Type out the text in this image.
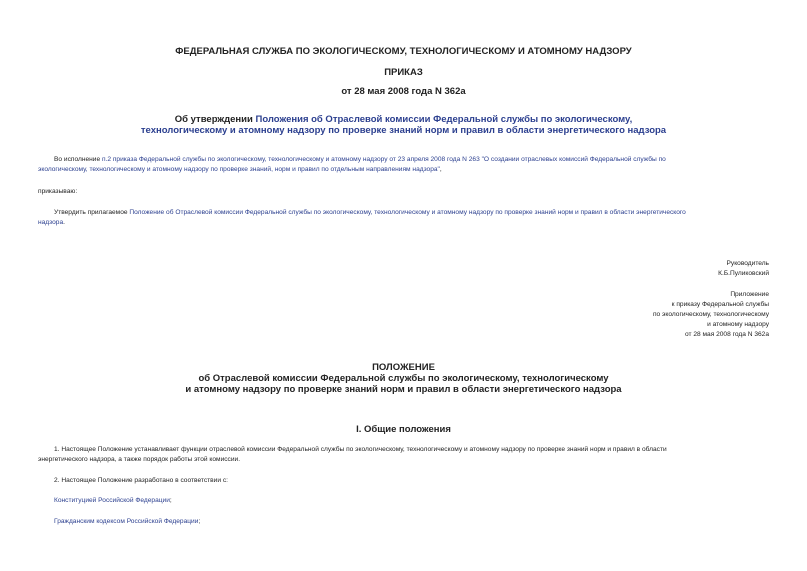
ФЕДЕРАЛЬНАЯ СЛУЖБА ПО ЭКОЛОГИЧЕСКОМУ, ТЕХНОЛОГИЧЕСКОМУ И АТОМНОМУ НАДЗОРУ
ПРИКАЗ
от 28 мая 2008 года N 362а
Об утверждении Положения об Отраслевой комиссии Федеральной службы по экологическому,
технологическому и атомному надзору по проверке знаний норм и правил в области энергетического надзора
Во исполнение п.2 приказа Федеральной службы по экологическому, технологическому и атомному надзору от 23 апреля 2008 года N 263 "О создании отраслевых комиссий Федеральной службы по
экологическому, технологическому и атомному надзору по проверке знаний, норм и правил по отдельным направлениям надзора",
приказываю:
Утвердить прилагаемое Положение об Отраслевой комиссии Федеральной службы по экологическому, технологическому и атомному надзору по проверке знаний норм и правил в области энергетического
надзора.
Руководитель
К.Б.Пуликовский
Приложение
к приказу Федеральной службы
по экологическому, технологическому
и атомному надзору
от 28 мая 2008 года N 362а
ПОЛОЖЕНИЕ
об Отраслевой комиссии Федеральной службы по экологическому, технологическому
и атомному надзору по проверке знаний норм и правил в области энергетического надзора
I. Общие положения
1. Настоящее Положение устанавливает функции отраслевой комиссии Федеральной службы по экологическому, технологическому и атомному надзору по проверке знаний норм и правил в области
энергетического надзора, а также порядок работы этой комиссии.
2. Настоящее Положение разработано в соответствии с:
Конституцией Российской Федерации;
Гражданским кодексом Российской Федерации;
